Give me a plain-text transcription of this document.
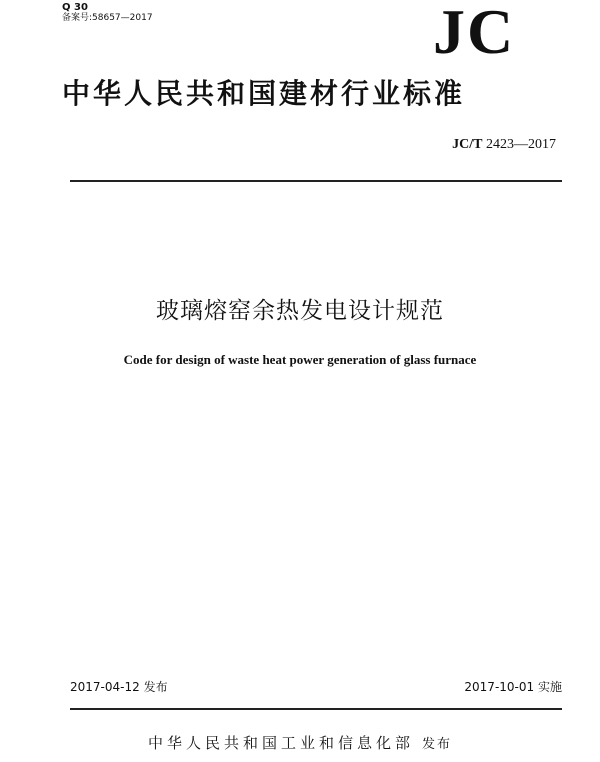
Q 30
备案号:58657—2017	JC
中华人民共和国建材行业标准
JC/T 2423—2017
玻璃熔窑余热发电设计规范
Code for design of waste heat power generation of glass furnace
2017-04-12 发布	2017-10-01 实施
中华人民共和国工业和信息化部 发布
